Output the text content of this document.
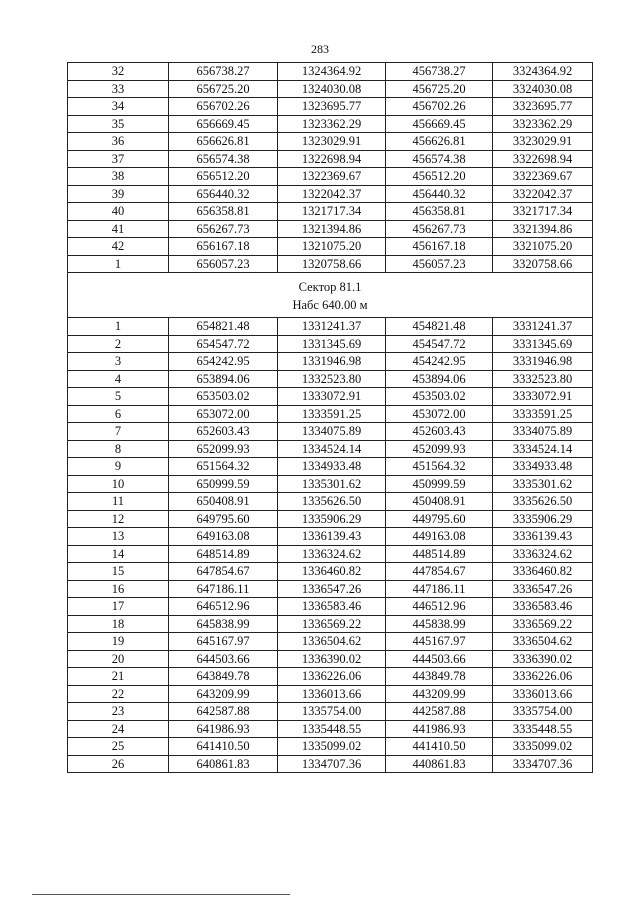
283
32	656738.27	1324364.92	456738.27	3324364.92
33	656725.20	1324030.08	456725.20	3324030.08
34	656702.26	1323695.77	456702.26	3323695.77
35	656669.45	1323362.29	456669.45	3323362.29
36	656626.81	1323029.91	456626.81	3323029.91
37	656574.38	1322698.94	456574.38	3322698.94
38	656512.20	1322369.67	456512.20	3322369.67
39	656440.32	1322042.37	456440.32	3322042.37
40	656358.81	1321717.34	456358.81	3321717.34
41	656267.73	1321394.86	456267.73	3321394.86
42	656167.18	1321075.20	456167.18	3321075.20
1	656057.23	1320758.66	456057.23	3320758.66

Сектор 81.1
Набс 640.00 м				

1	654821.48	1331241.37	454821.48	3331241.37
2	654547.72	1331345.69	454547.72	3331345.69
3	654242.95	1331946.98	454242.95	3331946.98
4	653894.06	1332523.80	453894.06	3332523.80
5	653503.02	1333072.91	453503.02	3333072.91
6	653072.00	1333591.25	453072.00	3333591.25
7	652603.43	1334075.89	452603.43	3334075.89
8	652099.93	1334524.14	452099.93	3334524.14
9	651564.32	1334933.48	451564.32	3334933.48
10	650999.59	1335301.62	450999.59	3335301.62
11	650408.91	1335626.50	450408.91	3335626.50
12	649795.60	1335906.29	449795.60	3335906.29
13	649163.08	1336139.43	449163.08	3336139.43
14	648514.89	1336324.62	448514.89	3336324.62
15	647854.67	1336460.82	447854.67	3336460.82
16	647186.11	1336547.26	447186.11	3336547.26
17	646512.96	1336583.46	446512.96	3336583.46
18	645838.99	1336569.22	445838.99	3336569.22
19	645167.97	1336504.62	445167.97	3336504.62
20	644503.66	1336390.02	444503.66	3336390.02
21	643849.78	1336226.06	443849.78	3336226.06
22	643209.99	1336013.66	443209.99	3336013.66
23	642587.88	1335754.00	442587.88	3335754.00
24	641986.93	1335448.55	441986.93	3335448.55
25	641410.50	1335099.02	441410.50	3335099.02
26	640861.83	1334707.36	440861.83	3334707.36
